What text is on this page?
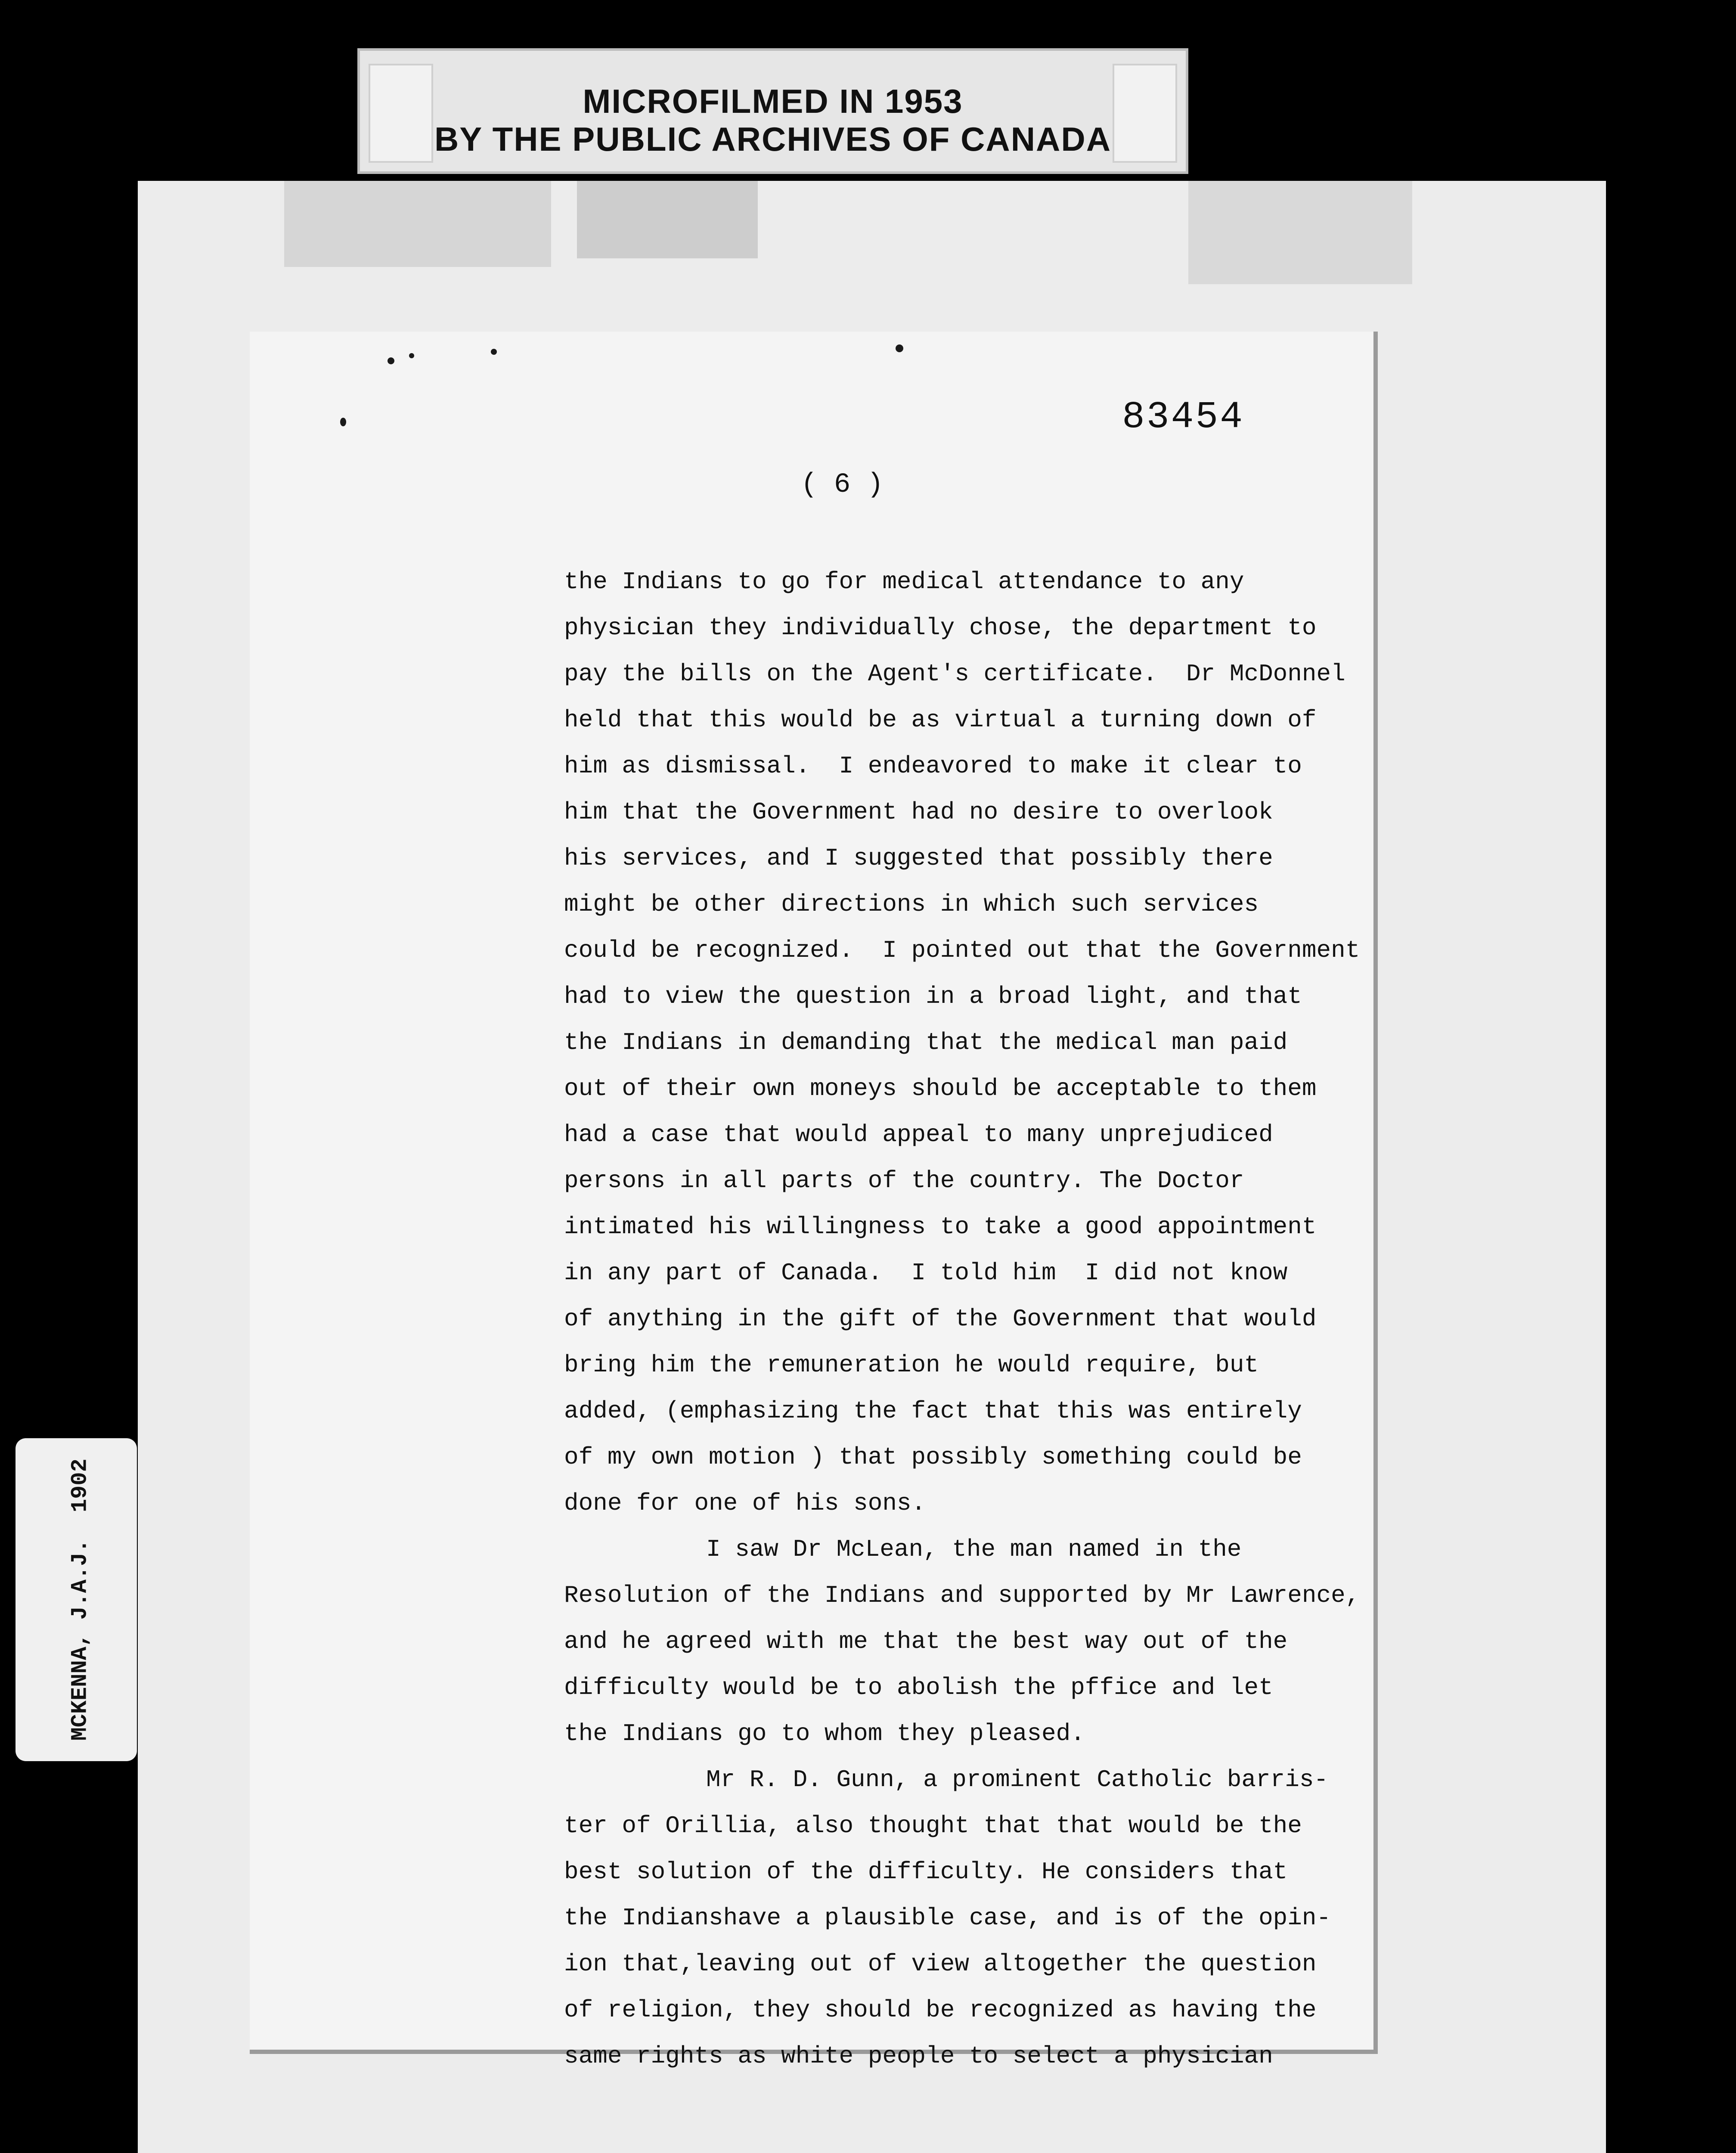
MICROFILMED IN 1953
BY THE PUBLIC ARCHIVES OF CANADA
83454
( 6 )
the Indians to go for medical attendance to any
physician they individually chose, the department to
pay the bills on the Agent's certificate.  Dr McDonnel
held that this would be as virtual a turning down of
him as dismissal.  I endeavored to make it clear to
him that the Government had no desire to overlook
his services, and I suggested that possibly there
might be other directions in which such services
could be recognized.  I pointed out that the Government
had to view the question in a broad light, and that
the Indians in demanding that the medical man paid
out of their own moneys should be acceptable to them
had a case that would appeal to many unprejudiced
persons in all parts of the country. The Doctor
intimated his willingness to take a good appointment
in any part of Canada.  I told him  I did not know
of anything in the gift of the Government that would
bring him the remuneration he would require, but
added, (emphasizing the fact that this was entirely
of my own motion ) that possibly something could be
done for one of his sons.
I saw Dr McLean, the man named in the
Resolution of the Indians and supported by Mr Lawrence,
and he agreed with me that the best way out of the
difficulty would be to abolish the pffice and let
the Indians go to whom they pleased.
Mr R. D. Gunn, a prominent Catholic barris-
ter of Orillia, also thought that that would be the
best solution of the difficulty. He considers that
the Indianshave a plausible case, and is of the opin-
ion that,leaving out of view altogether the question
of religion, they should be recognized as having the
same rights as white people to select a physician
MCKENNA, J.A.J.  1902
